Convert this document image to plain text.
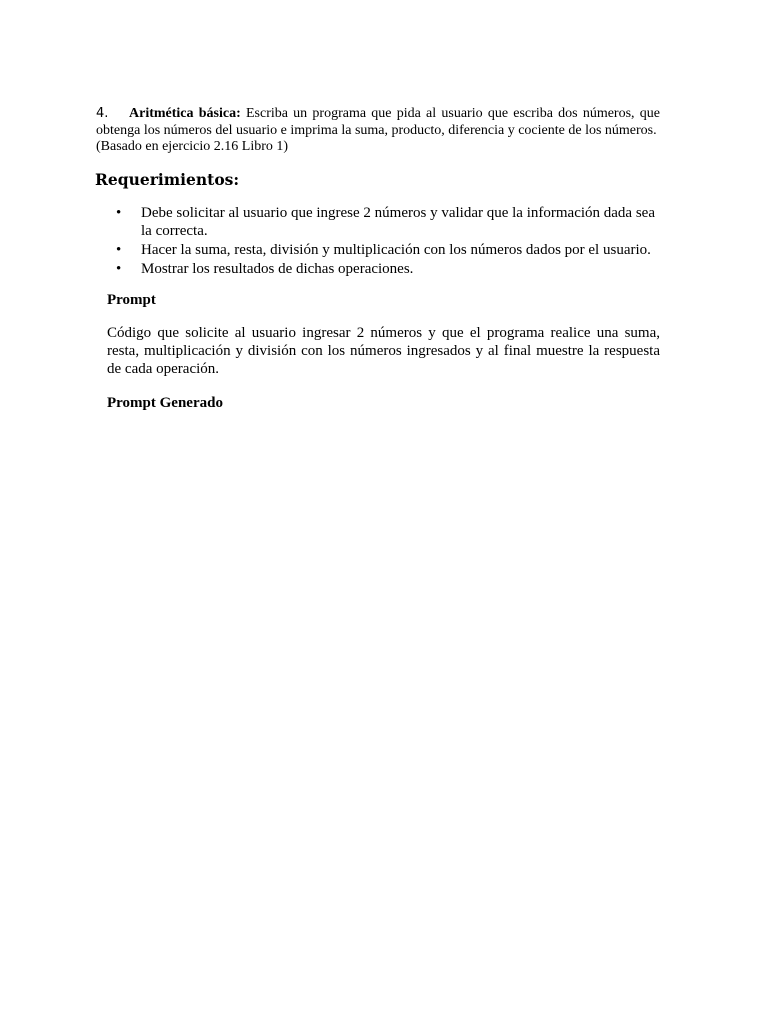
4. Aritmética básica: Escriba un programa que pida al usuario que escriba dos números, que obtenga los números del usuario e imprima la suma, producto, diferencia y cociente de los números.
(Basado en ejercicio 2.16 Libro 1)

Requerimientos:
• Debe solicitar al usuario que ingrese 2 números y validar que la información dada sea la correcta.
• Hacer la suma, resta, división y multiplicación con los números dados por el usuario.
• Mostrar los resultados de dichas operaciones.
Prompt

Código que solicite al usuario ingresar 2 números y que el programa realice una suma, resta, multiplicación y división con los números ingresados y al final muestre la respuesta de cada operación.

Prompt Generado
